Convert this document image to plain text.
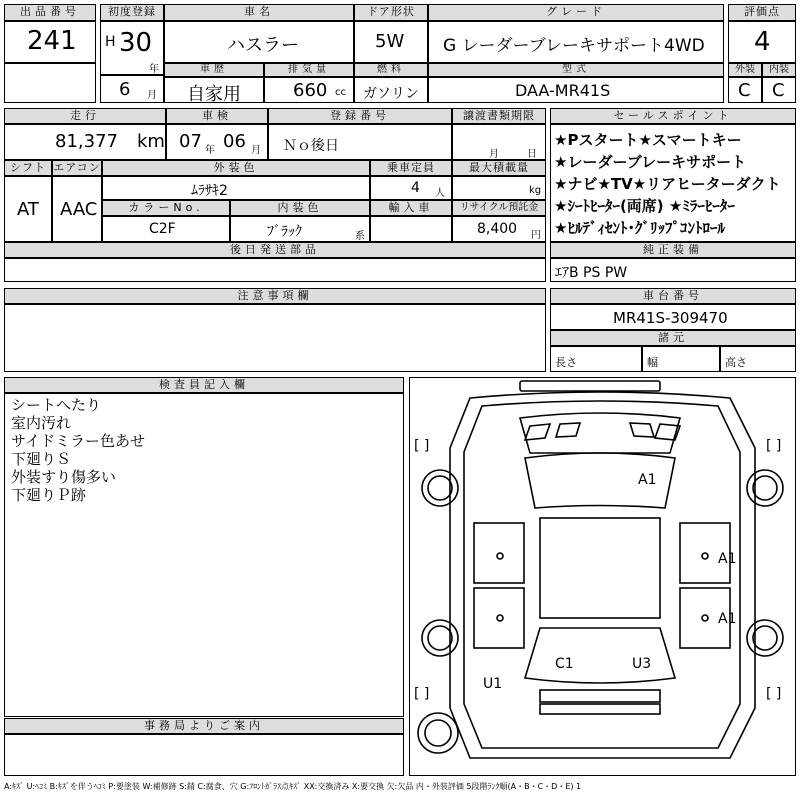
出品番号
241
初度登録
H 30
年
6 月
車名
ハスラー
ドア形状
5W
グレード
G レーダーブレーキサポート4WD
評価点
4
車歴
自家用
排気量
660 cc
燃料
ガソリン
型式
DAA-MR41S
外装
C
内装
C
走行
81,377 km
車検
07 年 06 月
登録番号
Ｎｏ後日
譲渡書類期限
月	日
シフト
AT
エアコン
AAC
外装色
ﾑﾗｻｷ2
乗車定員
4 人
最大積載量
kg
カラーNo.
C2F
内装色
ﾌﾞﾗｯｸ	系
輸入車	リサイクル預託金
8,400 円
後日発送部品
セールスポイント
★Pスタート★スマートキー
★レーダーブレーキサポート
★ナビ★TV★リアヒーターダクト
★ｼｰﾄﾋｰﾀｰ(両席) ★ﾐﾗｰﾋｰﾀｰ
★ﾋﾙﾃﾞｨｾﾝﾄ･ｸﾞﾘｯﾌﾟｺﾝﾄﾛｰﾙ
純正装備
ｴｱB PS PW
注意事項欄	車台番号
MR41S-309470
諸元
長さ	幅	高さ
検査員記入欄
シートへたり
室内汚れ
サイドミラー色あせ
下廻りＳ
外装すり傷多い
下廻りＰ跡
事務局よりご案内
[ ]	[ ]
[ ]	[ ]
A1
A1
A1
C1	U3
U1
A:ｷｽﾞ U:ﾍｺﾐ B:ｷｽﾞを伴うﾍｺﾐ P:要塗装 W:補修跡 S:錆 C:腐食、穴 G:ﾌﾛﾝﾄｶﾞﾗｽ点ｷｽﾞ XX:交換済み X:要交換 欠:欠品 内・外装評価 5段階ﾗﾝｸ順(A・B・C・D・E) 1
